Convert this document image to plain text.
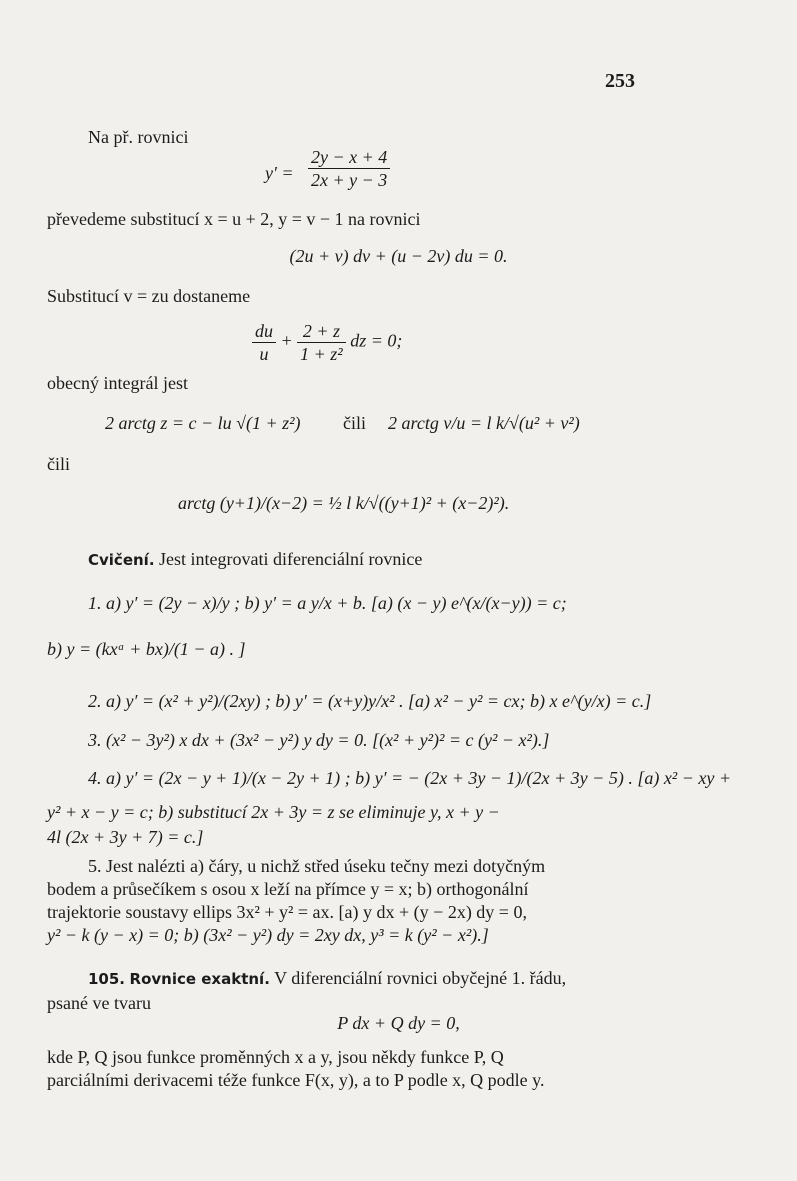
253
Na př. rovnici
$y' = \frac{2y - x + 4}{2x + y - 3}$
převedeme substitucí x = u + 2, y = v − 1 na rovnici
(2u + v) dv + (u − 2v) du = 0.
Substitucí v = zu dostaneme
$\frac{du}{u} + \frac{2 + z}{\text{1 + z²}}$ dz = 0;
obecný integrál jest
2 arctg z = c − lu √(1 + z²) čili 2 arctg v/u = l k/√(u² + v²)
čili
arctg (y+1)/(x−2) = ½ l k/√((y+1)² + (x−2)²).
Cvičení. Jest integrovati diferenciální rovnice
1. a) y′ = (2y − x)/y ; b) y′ = a y/x + b. [a) (x − y) e^(x/(x−y)) = c;
b) y = (kxᵃ + bx)/(1 − a) . ]
2. a) y′ = (x² + y²)/(2xy) ; b) y′ = (x+y)y/x² . [a) x² − y² = cx; b) x e^(y/x) = c.]
3. (x² − 3y²) x dx + (3x² − y²) y dy = 0. [(x² + y²)² = c (y² − x²).]
4. a) y′ = (2x − y + 1)/(x − 2y + 1) ; b) y′ = − (2x + 3y − 1)/(2x + 3y − 5) . [a) x² − xy +
y² + x − y = c; b) substitucí 2x + 3y = z se eliminuje y, x + y −
4l (2x + 3y + 7) = c.]
5. Jest nalézti a) čáry, u nichž střed úseku tečny mezi dotyčným
bodem a průsečíkem s osou x leží na přímce y = x; b) orthogonální
trajektorie soustavy ellips 3x² + y² = ax. [a) y dx + (y − 2x) dy = 0,
y² − k (y − x) = 0; b) (3x² − y²) dy = 2xy dx, y³ = k (y² − x²).]
105. Rovnice exaktní. V diferenciální rovnici obyčejné 1. řádu,
psané ve tvaru
P dx + Q dy = 0,
kde P, Q jsou funkce proměnných x a y, jsou někdy funkce P, Q
parciálními derivacemi téže funkce F(x, y), a to P podle x, Q podle y.
